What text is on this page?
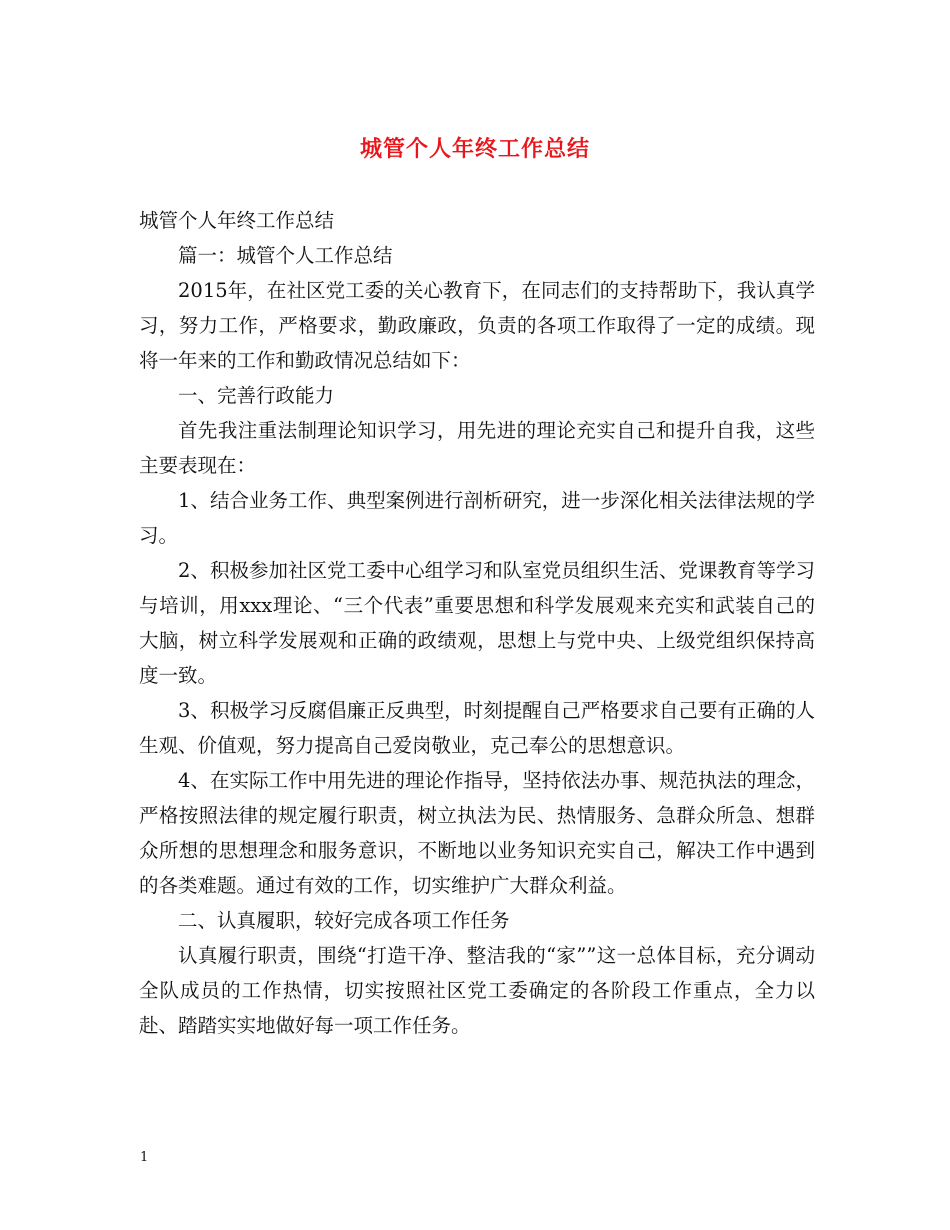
城管个人年终工作总结

城管个人年终工作总结

篇一：城管个人工作总结

2015年，在社区党工委的关心教育下，在同志们的支持帮助下，我认真学习，努力工作，严格要求，勤政廉政，负责的各项工作取得了一定的成绩。现将一年来的工作和勤政情况总结如下：

一、完善行政能力

首先我注重法制理论知识学习，用先进的理论充实自己和提升自我，这些主要表现在：

1、结合业务工作、典型案例进行剖析研究，进一步深化相关法律法规的学习。

2、积极参加社区党工委中心组学习和队室党员组织生活、党课教育等学习与培训，用xxx理论、“三个代表”重要思想和科学发展观来充实和武装自己的大脑，树立科学发展观和正确的政绩观，思想上与党中央、上级党组织保持高度一致。

3、积极学习反腐倡廉正反典型，时刻提醒自己严格要求自己要有正确的人生观、价值观，努力提高自己爱岗敬业，克己奉公的思想意识。

4、在实际工作中用先进的理论作指导，坚持依法办事、规范执法的理念，严格按照法律的规定履行职责，树立执法为民、热情服务、急群众所急、想群众所想的思想理念和服务意识，不断地以业务知识充实自己，解决工作中遇到的各类难题。通过有效的工作，切实维护广大群众利益。

二、认真履职，较好完成各项工作任务

认真履行职责，围绕“打造干净、整洁我的“家””这一总体目标，充分调动全队成员的工作热情，切实按照社区党工委确定的各阶段工作重点，全力以赴、踏踏实实地做好每一项工作任务。

1
